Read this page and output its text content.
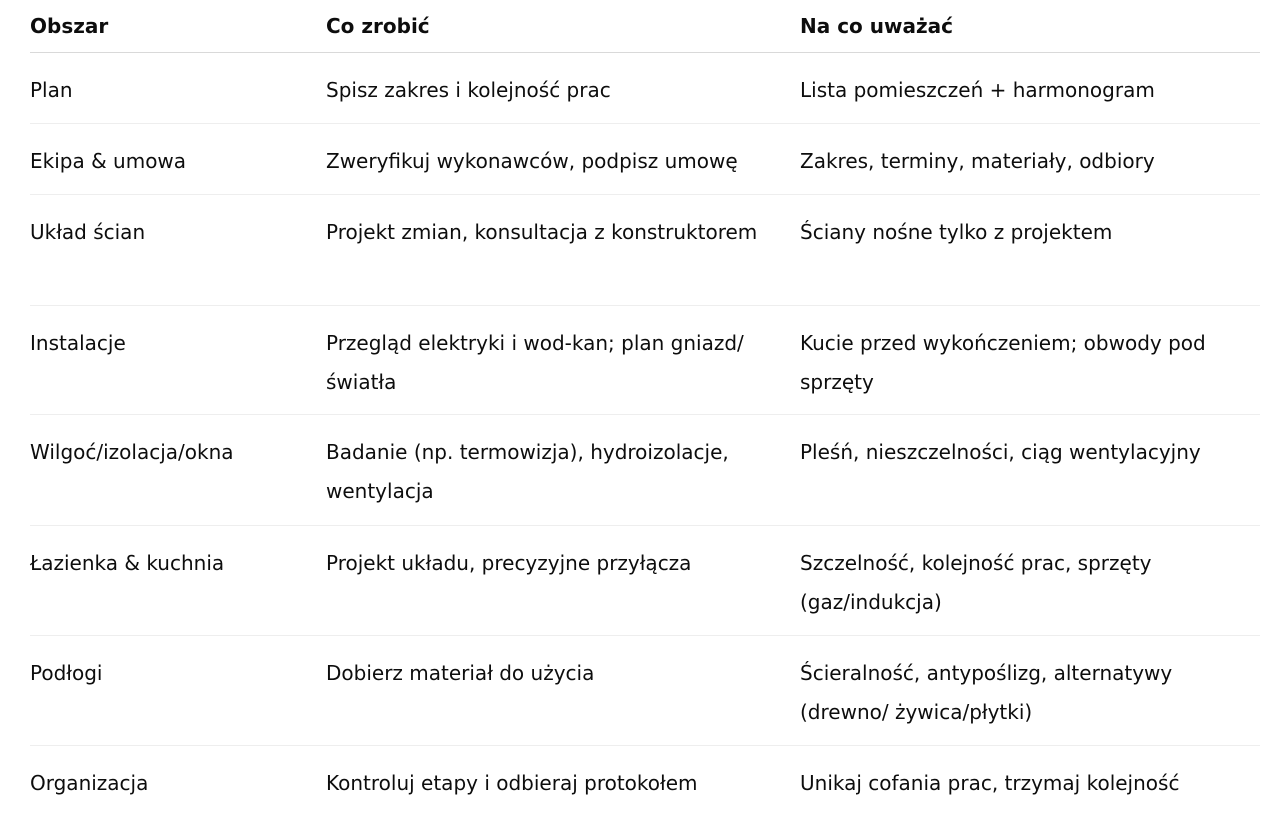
Obszar	Co zrobić	Na co uważać
Plan	Spisz zakres i kolejność prac	Lista pomieszczeń + harmonogram
Ekipa & umowa	Zweryfikuj wykonawców, podpisz umowę	Zakres, terminy, materiały, odbiory
Układ ścian	Projekt zmian, konsultacja z konstruktorem	Ściany nośne tylko z projektem
Instalacje	Przegląd elektryki i wod-kan; plan gniazd/ światła	Kucie przed wykończeniem; obwody pod sprzęty
Wilgoć/izolacja/okna	Badanie (np. termowizja), hydroizolacje, wentylacja	Pleśń, nieszczelności, ciąg wentylacyjny
Łazienka & kuchnia	Projekt układu, precyzyjne przyłącza	Szczelność, kolejność prac, sprzęty (gaz/indukcja)
Podłogi	Dobierz materiał do użycia	Ścieralność, antypoślizg, alternatywy (drewno/ żywica/płytki)
Organizacja	Kontroluj etapy i odbieraj protokołem	Unikaj cofania prac, trzymaj kolejność
